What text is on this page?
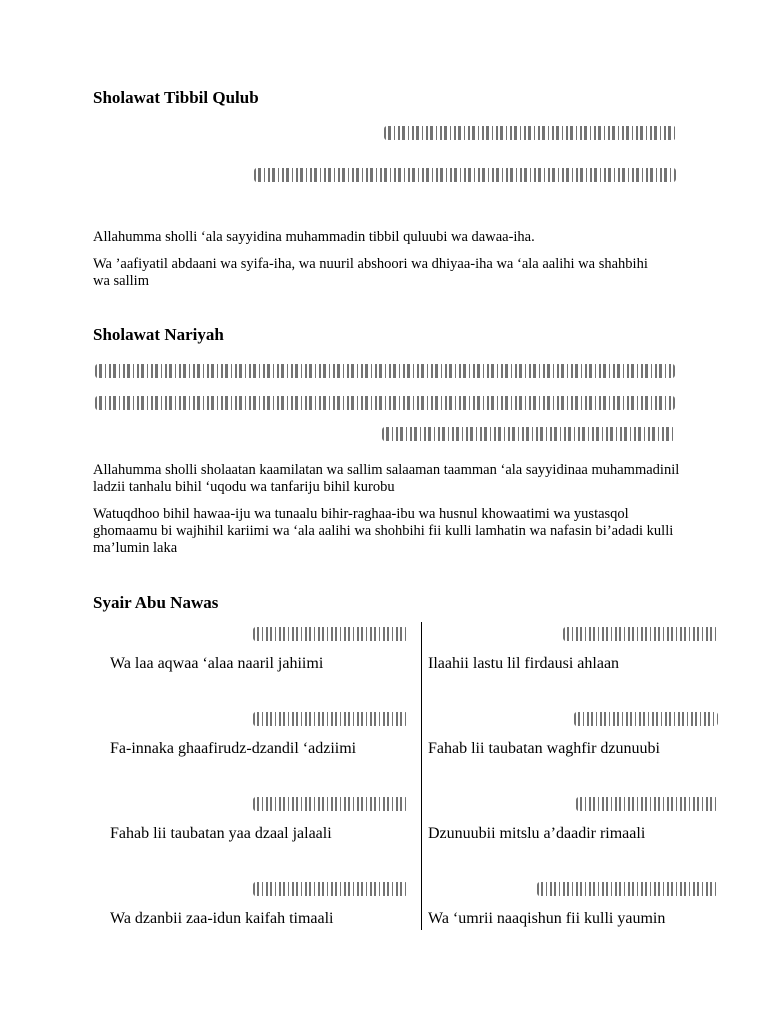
Sholawat Tibbil Qulub

Allahumma sholli ‘ala sayyidina muhammadin tibbil quluubi wa dawaa-iha.

Wa ’aafiyatil abdaani wa syifa-iha, wa nuuril abshoori wa dhiyaa-iha wa ‘ala aalihi wa shahbihi wa sallim

Sholawat Nariyah

Allahumma sholli sholaatan kaamilatan wa sallim salaaman taamman ‘ala sayyidinaa muhammadinil ladzii tanhalu bihil ‘uqodu wa tanfariju bihil kurobu

Watuqdhoo bihil hawaa-iju wa tunaalu bihir-raghaa-ibu wa husnul khowaatimi wa yustasqol ghomaamu bi wajhihil kariimi wa ‘ala aalihi wa shohbihi fii kulli lamhatin wa nafasin bi’adadi kulli ma’lumin laka

Syair Abu Nawas

Wa laa aqwaa ‘alaa naaril jahiimi	Ilaahii lastu lil firdausi ahlaan

Fa-innaka ghaafirudz-dzandil ‘adziimi	Fahab lii taubatan waghfir dzunuubi

Fahab lii taubatan yaa dzaal jalaali	Dzunuubii mitslu a’daadir rimaali

Wa dzanbii zaa-idun kaifah timaali	Wa ‘umrii naaqishun fii kulli yaumin
